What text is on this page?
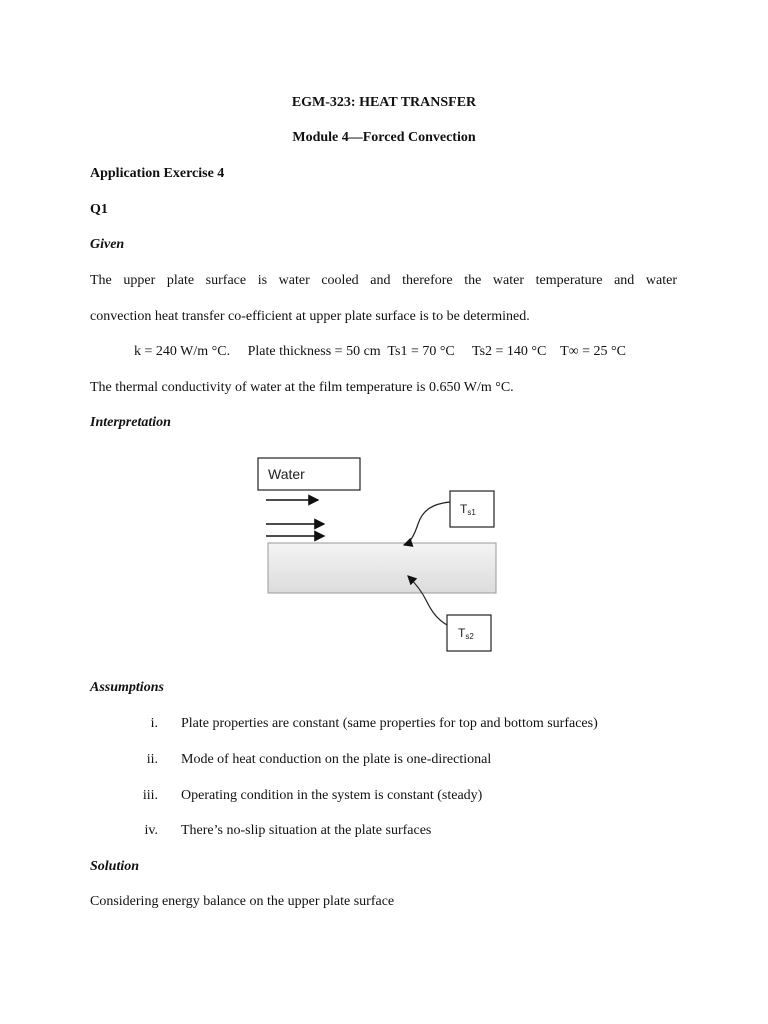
EGM-323: HEAT TRANSFER
Module 4—Forced Convection
Application Exercise 4
Q1
Given
The upper plate surface is water cooled and therefore the water temperature and water
convection heat transfer co-efficient at upper plate surface is to be determined.
k = 240 W/m °C.     Plate thickness = 50 cm  Ts1 = 70 °C     Ts2 = 140 °C    T∞ = 25 °C
The thermal conductivity of water at the film temperature is 0.650 W/m °C.
Interpretation
Water
Ts1
Ts2
Assumptions
i. Plate properties are constant (same properties for top and bottom surfaces)
ii. Mode of heat conduction on the plate is one-directional
iii. Operating condition in the system is constant (steady)
iv. There’s no-slip situation at the plate surfaces
Solution
Considering energy balance on the upper plate surface
